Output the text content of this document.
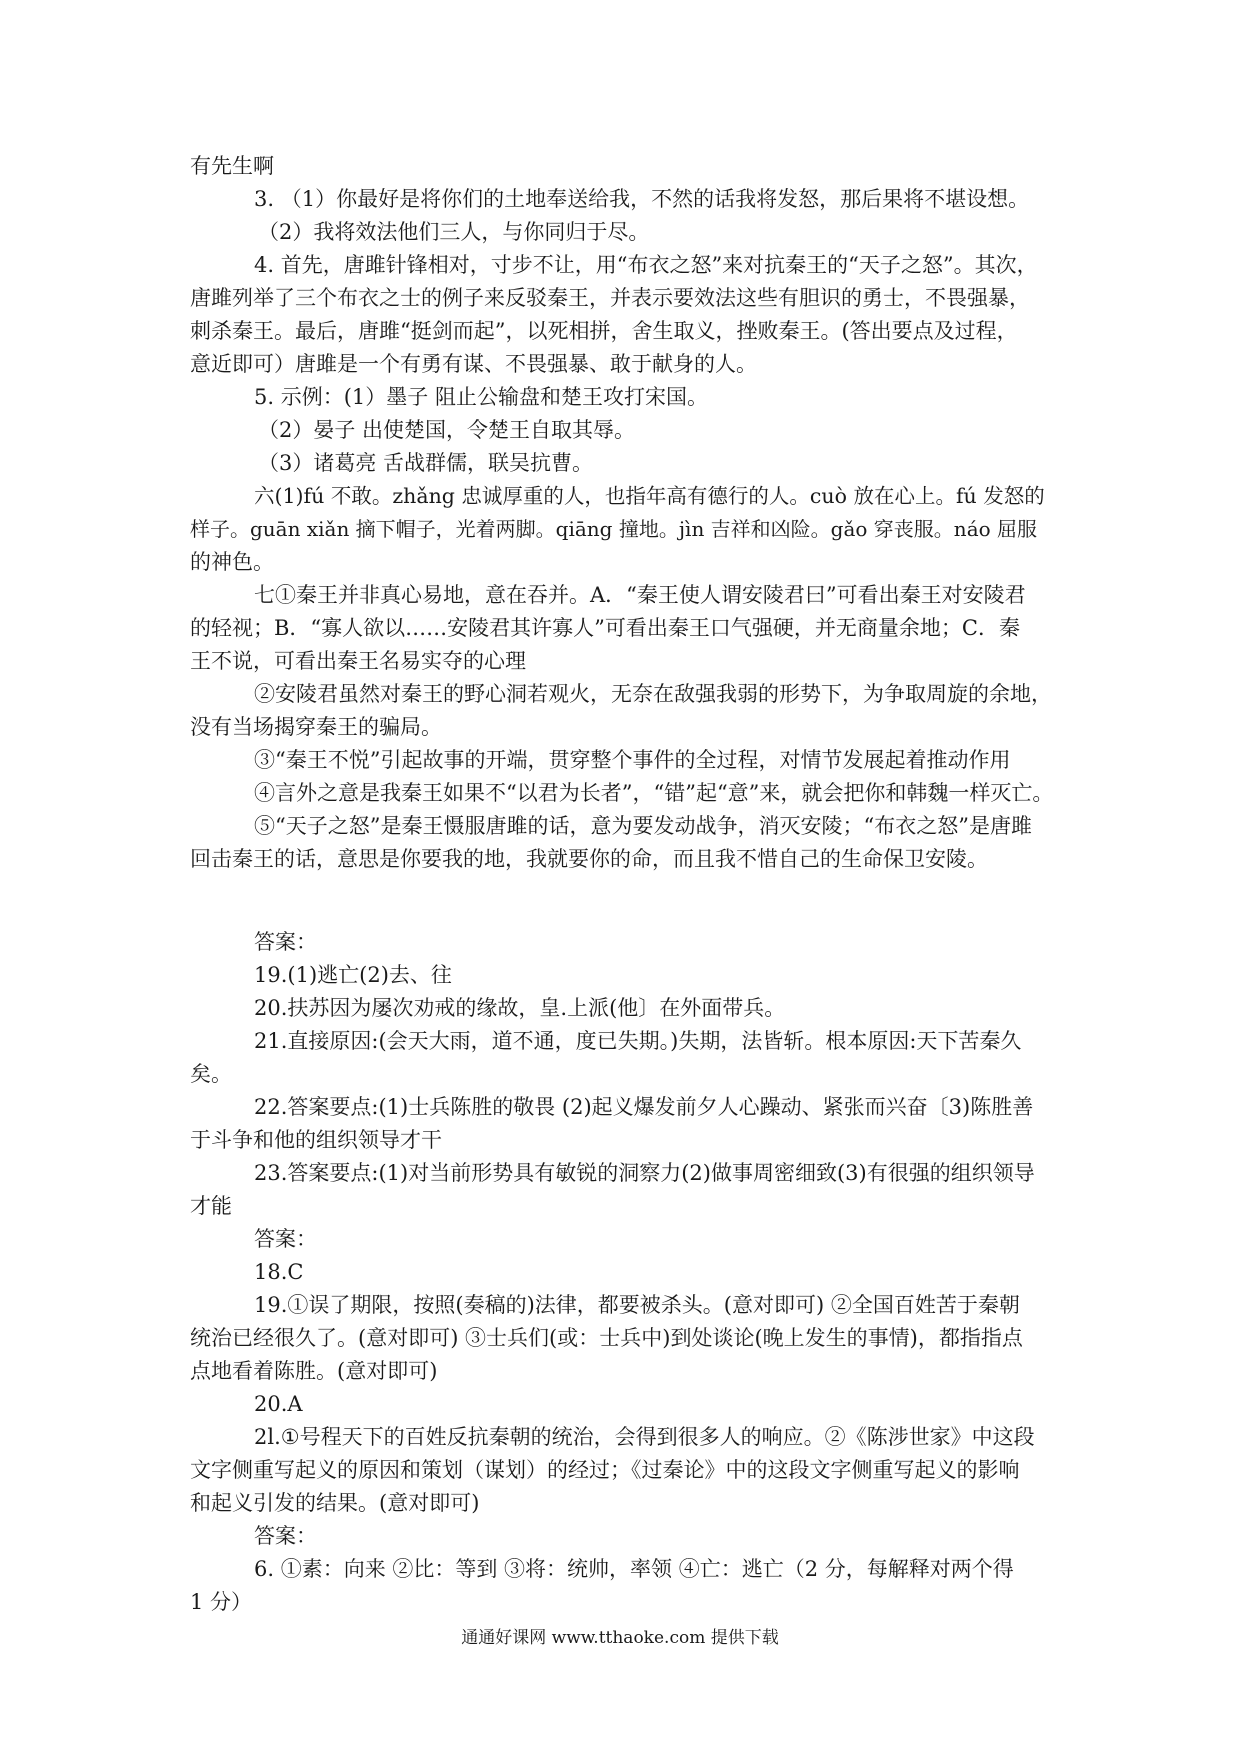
有先生啊
3. （1）你最好是将你们的土地奉送给我，不然的话我将发怒，那后果将不堪设想。
（2）我将效法他们三人，与你同归于尽。
4. 首先，唐雎针锋相对，寸步不让，用“布衣之怒”来对抗秦王的“天子之怒”。其次，
唐雎列举了三个布衣之士的例子来反驳秦王，并表示要效法这些有胆识的勇士，不畏强暴，
刺杀秦王。最后，唐雎“挺剑而起”，以死相拼，舍生取义，挫败秦王。(答出要点及过程，
意近即可）唐雎是一个有勇有谋、不畏强暴、敢于献身的人。
5. 示例：(1）墨子 阻止公输盘和楚王攻打宋国。
（2）晏子 出使楚国，令楚王自取其辱。
（3）诸葛亮 舌战群儒，联吴抗曹。
六(1)fú 不敢。zhǎng 忠诚厚重的人，也指年高有德行的人。cuò 放在心上。fú 发怒的
样子。guān xiǎn 摘下帽子，光着两脚。qiāng 撞地。jìn 吉祥和凶险。gǎo 穿丧服。náo 屈服
的神色。
七①秦王并非真心易地，意在吞并。A．“秦王使人谓安陵君曰”可看出秦王对安陵君
的轻视；B．“寡人欲以……安陵君其许寡人”可看出秦王口气强硬，并无商量余地；C．秦
王不说，可看出秦王名易实夺的心理
②安陵君虽然对秦王的野心洞若观火，无奈在敌强我弱的形势下，为争取周旋的余地，
没有当场揭穿秦王的骗局。
③“秦王不悦”引起故事的开端，贯穿整个事件的全过程，对情节发展起着推动作用
④言外之意是我秦王如果不“以君为长者”，“错”起“意”来，就会把你和韩魏一样灭亡。
⑤“天子之怒”是秦王慑服唐雎的话，意为要发动战争，消灭安陵；“布衣之怒”是唐雎
回击秦王的话，意思是你要我的地，我就要你的命，而且我不惜自己的生命保卫安陵。
答案：
19.(1)逃亡(2)去、往
20.扶苏因为屡次劝戒的缘故，皇.上派(他〕在外面带兵。
21.直接原因:(会天大雨，道不通，度已失期。)失期，法皆斩。根本原因:天下苦秦久
矣。
22.答案要点:(1)士兵陈胜的敬畏 (2)起义爆发前夕人心躁动、紧张而兴奋〔3)陈胜善
于斗争和他的组织领导才干
23.答案要点:(1)对当前形势具有敏锐的洞察力(2)做事周密细致(3)有很强的组织领导
才能
答案：
18.C
19.①误了期限，按照(奏稿的)法律，都要被杀头。(意对即可) ②全国百姓苦于秦朝
统治已经很久了。(意对即可) ③士兵们(或：士兵中)到处谈论(晚上发生的事情)，都指指点
点地看着陈胜。(意对即可)
20.A
2l.①号程天下的百姓反抗秦朝的统治，会得到很多人的响应。②《陈涉世家》中这段
文字侧重写起义的原因和策划（谋划）的经过；《过秦论》中的这段文字侧重写起义的影响
和起义引发的结果。(意对即可)
答案：
6. ①素：向来 ②比：等到 ③将：统帅，率领 ④亡：逃亡（2 分，每解释对两个得
1 分）
通通好课网 www.tthaoke.com 提供下载
